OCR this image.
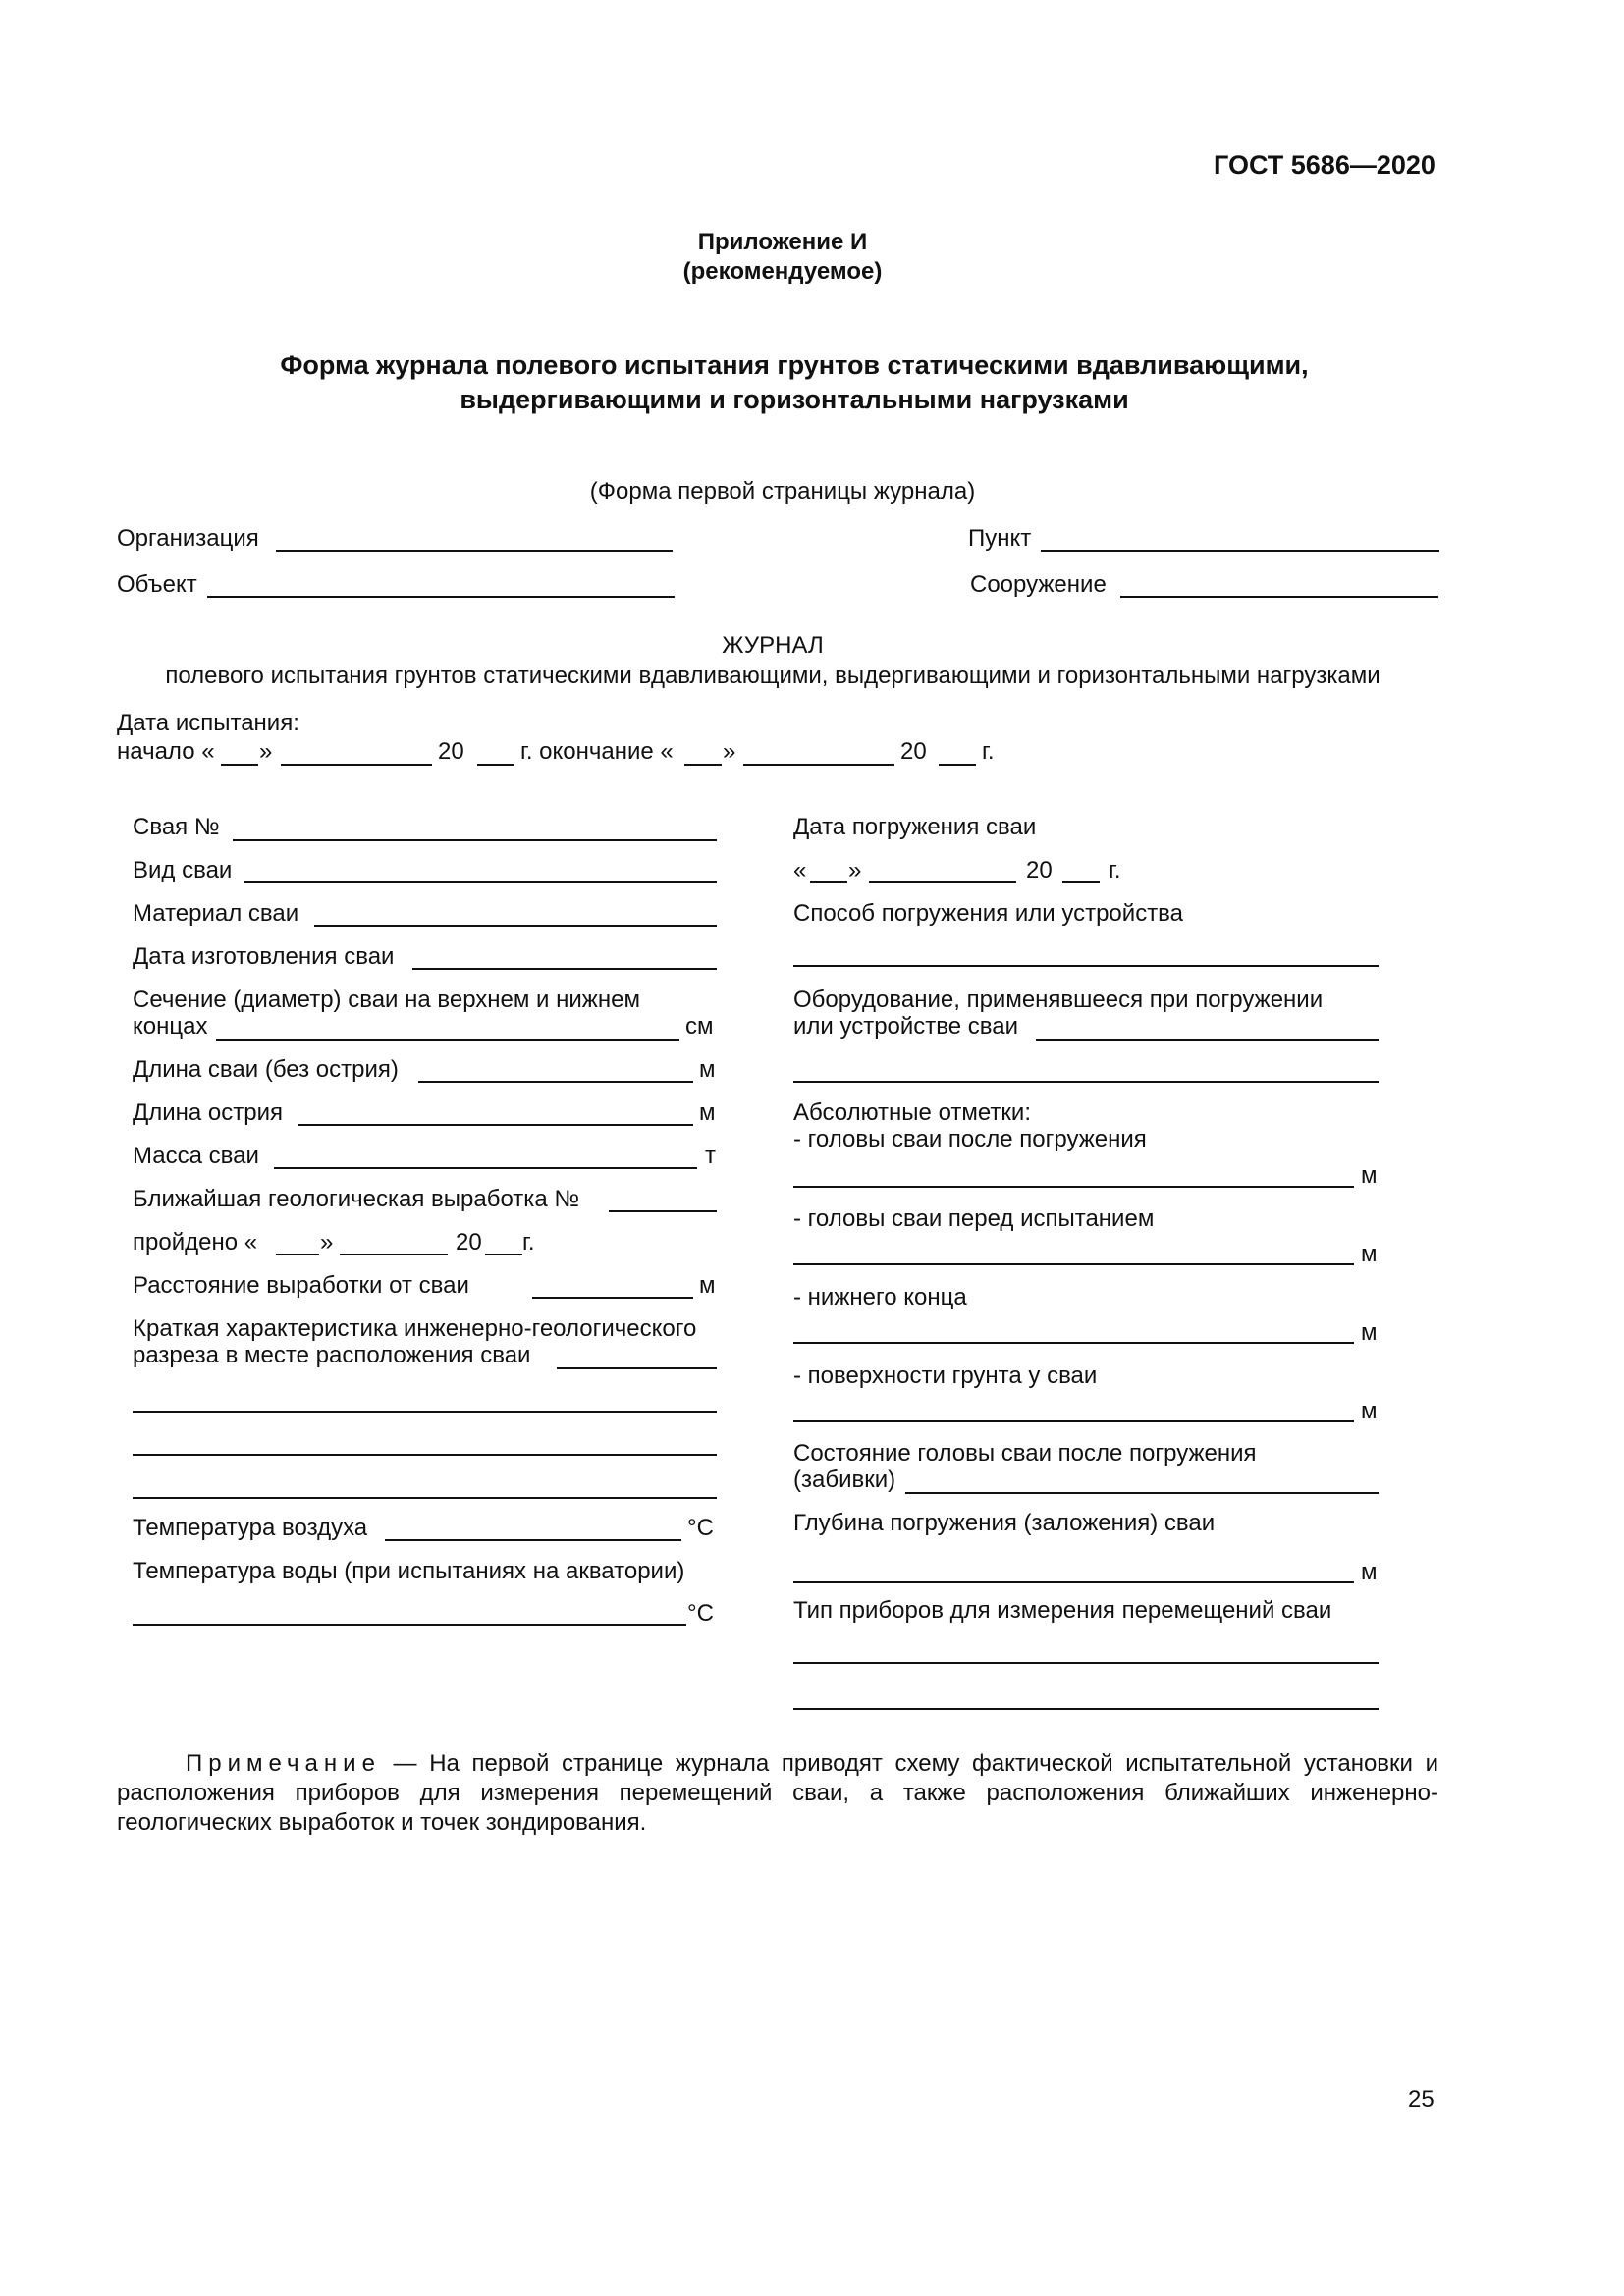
ГОСТ 5686—2020
Приложение И
(рекомендуемое)
Форма журнала полевого испытания грунтов статическими вдавливающими,
выдергивающими и горизонтальными нагрузками
(Форма первой страницы журнала)
Организация	Пункт
Объект	Сооружение
ЖУРНАЛ
полевого испытания грунтов статическими вдавливающими, выдергивающими и горизонтальными нагрузками
Дата испытания:
начало « »	20 г. окончание « »	20 г.
Свая №
Вид сваи
Материал сваи
Дата изготовления сваи
Сечение (диаметр) сваи на верхнем и нижнем
концах	см
Длина сваи (без острия)	м
Длина острия	м
Масса сваи	т
Ближайшая геологическая выработка №
пройдено «	»	20 г.
Расстояние выработки от сваи	м
Краткая характеристика инженерно-геологического
разреза в месте расположения сваи
Температура воздуха	°C
Температура воды (при испытаниях на акватории)
°C
Дата погружения сваи
« »	20 г.
Способ погружения или устройства
Оборудование, применявшееся при погружении
или устройстве сваи
Абсолютные отметки:
- головы сваи после погружения
м
- головы сваи перед испытанием
м
- нижнего конца
м
- поверхности грунта у сваи
м
Состояние головы сваи после погружения
(забивки)
Глубина погружения (заложения) сваи
м
Тип приборов для измерения перемещений сваи
Примечание — На первой странице журнала приводят схему фактической испытательной установки и расположения приборов для измерения перемещений сваи, а также расположения ближайших инженерно-геологических выработок и точек зондирования.
25
